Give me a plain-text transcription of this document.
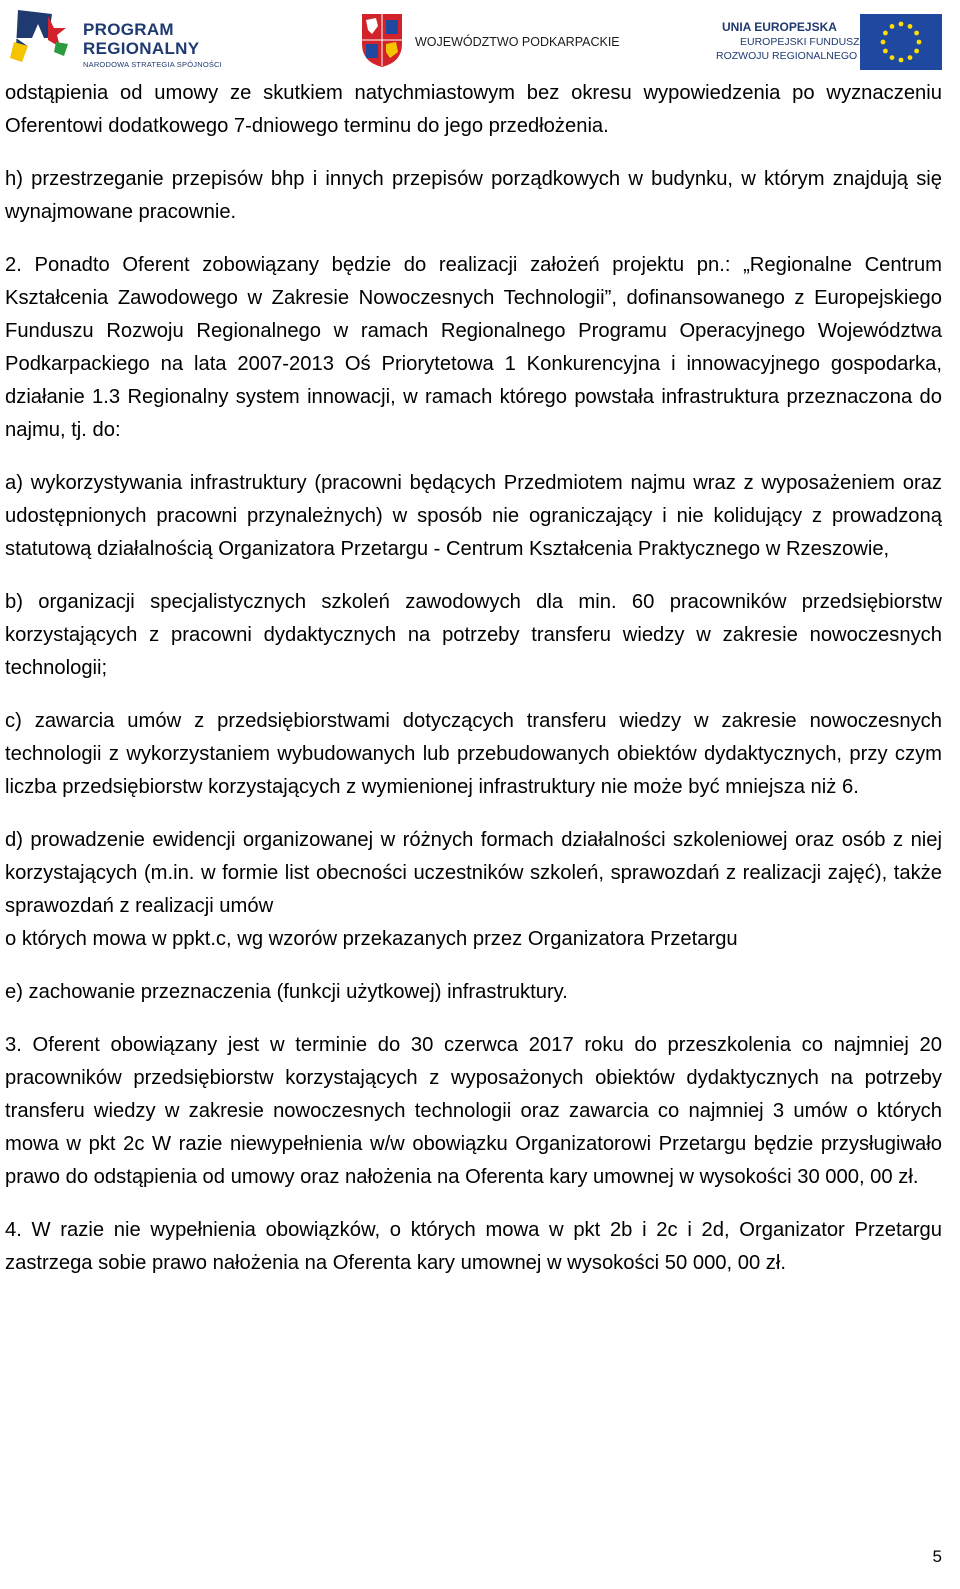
PROGRAM
REGIONALNY
NARODOWA STRATEGIA SPÓJNOŚCI
WOJEWÓDZTWO PODKARPACKIE
UNIA EUROPEJSKA
EUROPEJSKI FUNDUSZ
ROZWOJU REGIONALNEGO

odstąpienia od umowy ze skutkiem natychmiastowym bez okresu wypowiedzenia po wyznaczeniu Oferentowi dodatkowego 7-dniowego terminu do jego przedłożenia.

h) przestrzeganie przepisów bhp i innych przepisów porządkowych w budynku, w którym znajdują się wynajmowane pracownie.

2. Ponadto Oferent zobowiązany będzie do realizacji założeń projektu pn.: „Regionalne Centrum Kształcenia Zawodowego w Zakresie Nowoczesnych Technologii”, dofinansowanego z Europejskiego Funduszu Rozwoju Regionalnego w ramach Regionalnego Programu Operacyjnego Województwa Podkarpackiego na lata 2007-2013 Oś Priorytetowa 1 Konkurencyjna i innowacyjnego gospodarka, działanie 1.3 Regionalny system innowacji, w ramach którego powstała infrastruktura przeznaczona do najmu, tj. do:

a) wykorzystywania infrastruktury (pracowni będących Przedmiotem najmu wraz z wyposażeniem oraz udostępnionych pracowni przynależnych) w sposób nie ograniczający i nie kolidujący z prowadzoną statutową działalnością Organizatora Przetargu - Centrum Kształcenia Praktycznego w Rzeszowie,

b) organizacji specjalistycznych szkoleń zawodowych dla min. 60 pracowników przedsiębiorstw korzystających z pracowni dydaktycznych na potrzeby transferu wiedzy w zakresie nowoczesnych technologii;

c) zawarcia umów z przedsiębiorstwami dotyczących transferu wiedzy w zakresie nowoczesnych technologii z wykorzystaniem wybudowanych lub przebudowanych obiektów dydaktycznych, przy czym liczba przedsiębiorstw korzystających z wymienionej infrastruktury nie może być mniejsza niż 6.

d) prowadzenie ewidencji organizowanej w różnych formach działalności szkoleniowej oraz osób z niej korzystających (m.in. w formie list obecności uczestników szkoleń, sprawozdań z realizacji zajęć), także sprawozdań z realizacji umów

o których mowa w ppkt.c, wg wzorów przekazanych przez Organizatora Przetargu

e) zachowanie przeznaczenia (funkcji użytkowej) infrastruktury.

3. Oferent obowiązany jest w terminie do 30 czerwca 2017 roku do przeszkolenia co najmniej 20 pracowników przedsiębiorstw korzystających z wyposażonych obiektów dydaktycznych na potrzeby transferu wiedzy w zakresie nowoczesnych technologii oraz zawarcia co najmniej 3 umów o których mowa w pkt 2c W razie niewypełnienia w/w obowiązku Organizatorowi Przetargu będzie przysługiwało prawo do odstąpienia od umowy oraz nałożenia na Oferenta kary umownej w wysokości 30 000, 00 zł.

4. W razie nie wypełnienia obowiązków, o których mowa w pkt 2b i 2c i 2d, Organizator Przetargu zastrzega sobie prawo nałożenia na Oferenta kary umownej w wysokości 50 000, 00 zł.

5
